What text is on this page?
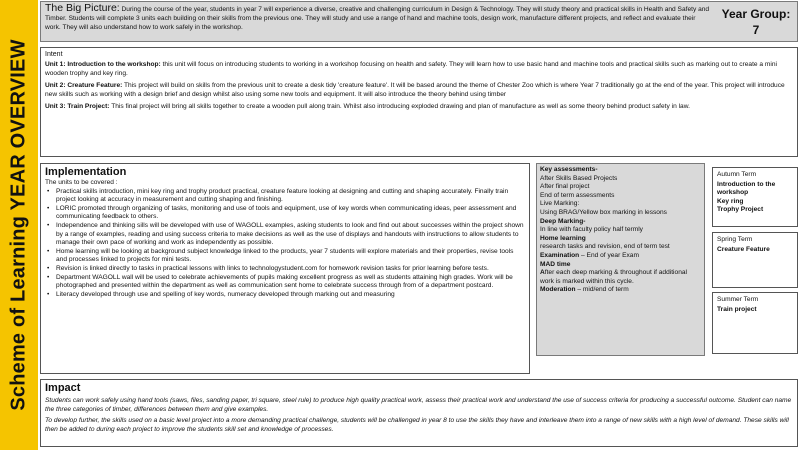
Scheme of Learning YEAR OVERVIEW
The Big Picture: During the course of the year, students in year 7 will experience a diverse, creative and challenging curriculum in Design & Technology. They will study theory and practical skills in Health and Safety and Timber. Students will complete 3 units each building on their skills from the previous one. They will study and use a range of hand and machine tools, design work, manufacture different projects, and reflect and evaluate their work. They will also understand how to work safely in the workshop.
Year Group:
7

Intent

Unit 1: Introduction to the workshop: this unit will focus on introducing students to working in a workshop focusing on health and safety. They will learn how to use basic hand and machine tools and practical skills such as marking out to create a mini wooden trophy and key ring.

Unit 2: Creature Feature: This project will build on skills from the previous unit to create a desk tidy 'creature feature'. It will be based around the theme of Chester Zoo which is where Year 7 traditionally go at the end of the year. This project will introduce new skills such as working with a design brief and design whilst also using some new tools and equipment. It will also introduce the theory behind using timber

Unit 3: Train Project: This final project will bring all skills together to create a wooden pull along train. Whilst also introducing exploded drawing and plan of manufacture as well as some theory behind product safety in law.

Implementation
The units to be covered :
• Practical skills introduction, mini key ring and trophy product practical, creature feature looking at designing and cutting and shaping accurately. Finally train project looking at accuracy in measurement and cutting shaping and finishing.
• LORIC promoted through organizing of tasks, monitoring and use of tools and equipment, use of key words when communicating ideas, peer assessment and communicating feedback to others.
• Independence and thinking sills will be developed with use of WAGOLL examples, asking students to look and find out about successes within the project shown by a range of examples, reading and using success criteria to make decisions as well as the use of displays and handouts with instructions to allow students to manage their own pace of working and work as independently as possible.
• Home learning will be looking at background subject knowledge linked to the products, year 7 students will explore materials and their properties, revise tools and processes linked to projects for mini tests.
• Revision is linked directly to tasks in practical lessons with links to technologystudent.com for homework revision tasks for prior learning before tests.
• Department WAGOLL wall will be used to celebrate achievements of pupils making excellent progress as well as students attaining high grades. Work will be photographed and presented within the department as well as communication sent home to celebrate success through from of a department postcard.
• Literacy developed through use and spelling of key words, numeracy developed through marking out and measuring
Key assessments-
After Skills Based Projects
After final project
End of term assessments
Live Marking:
Using BRAG/Yellow box marking in lessons
Deep Marking-
In line with faculty policy half termly
Home learning
research tasks and revision, end of term test
Examination – End of year Exam
MAD time
After each deep marking & throughout if additional work is marked within this cycle.
Moderation – mid/end of term
Autumn Term
Introduction to the workshop
Key ring
Trophy Project
Spring Term
Creature Feature
Summer Term
Train project
Impact

Students can work safely using hand tools (saws, files, sanding paper, tri square, steel rule) to produce high quality practical work, assess their practical work and understand the use of success criteria for producing a successful outcome. Student can name the three categories of timber, differences between them and give examples.

To develop further, the skills used on a basic level project into a more demanding practical challenge, students will be challenged in year 8 to use the skills they have and interleave them into a range of new skills with a high level of demand. These skills will then be added to during each project to improve the students skill set and knowledge of processes.
